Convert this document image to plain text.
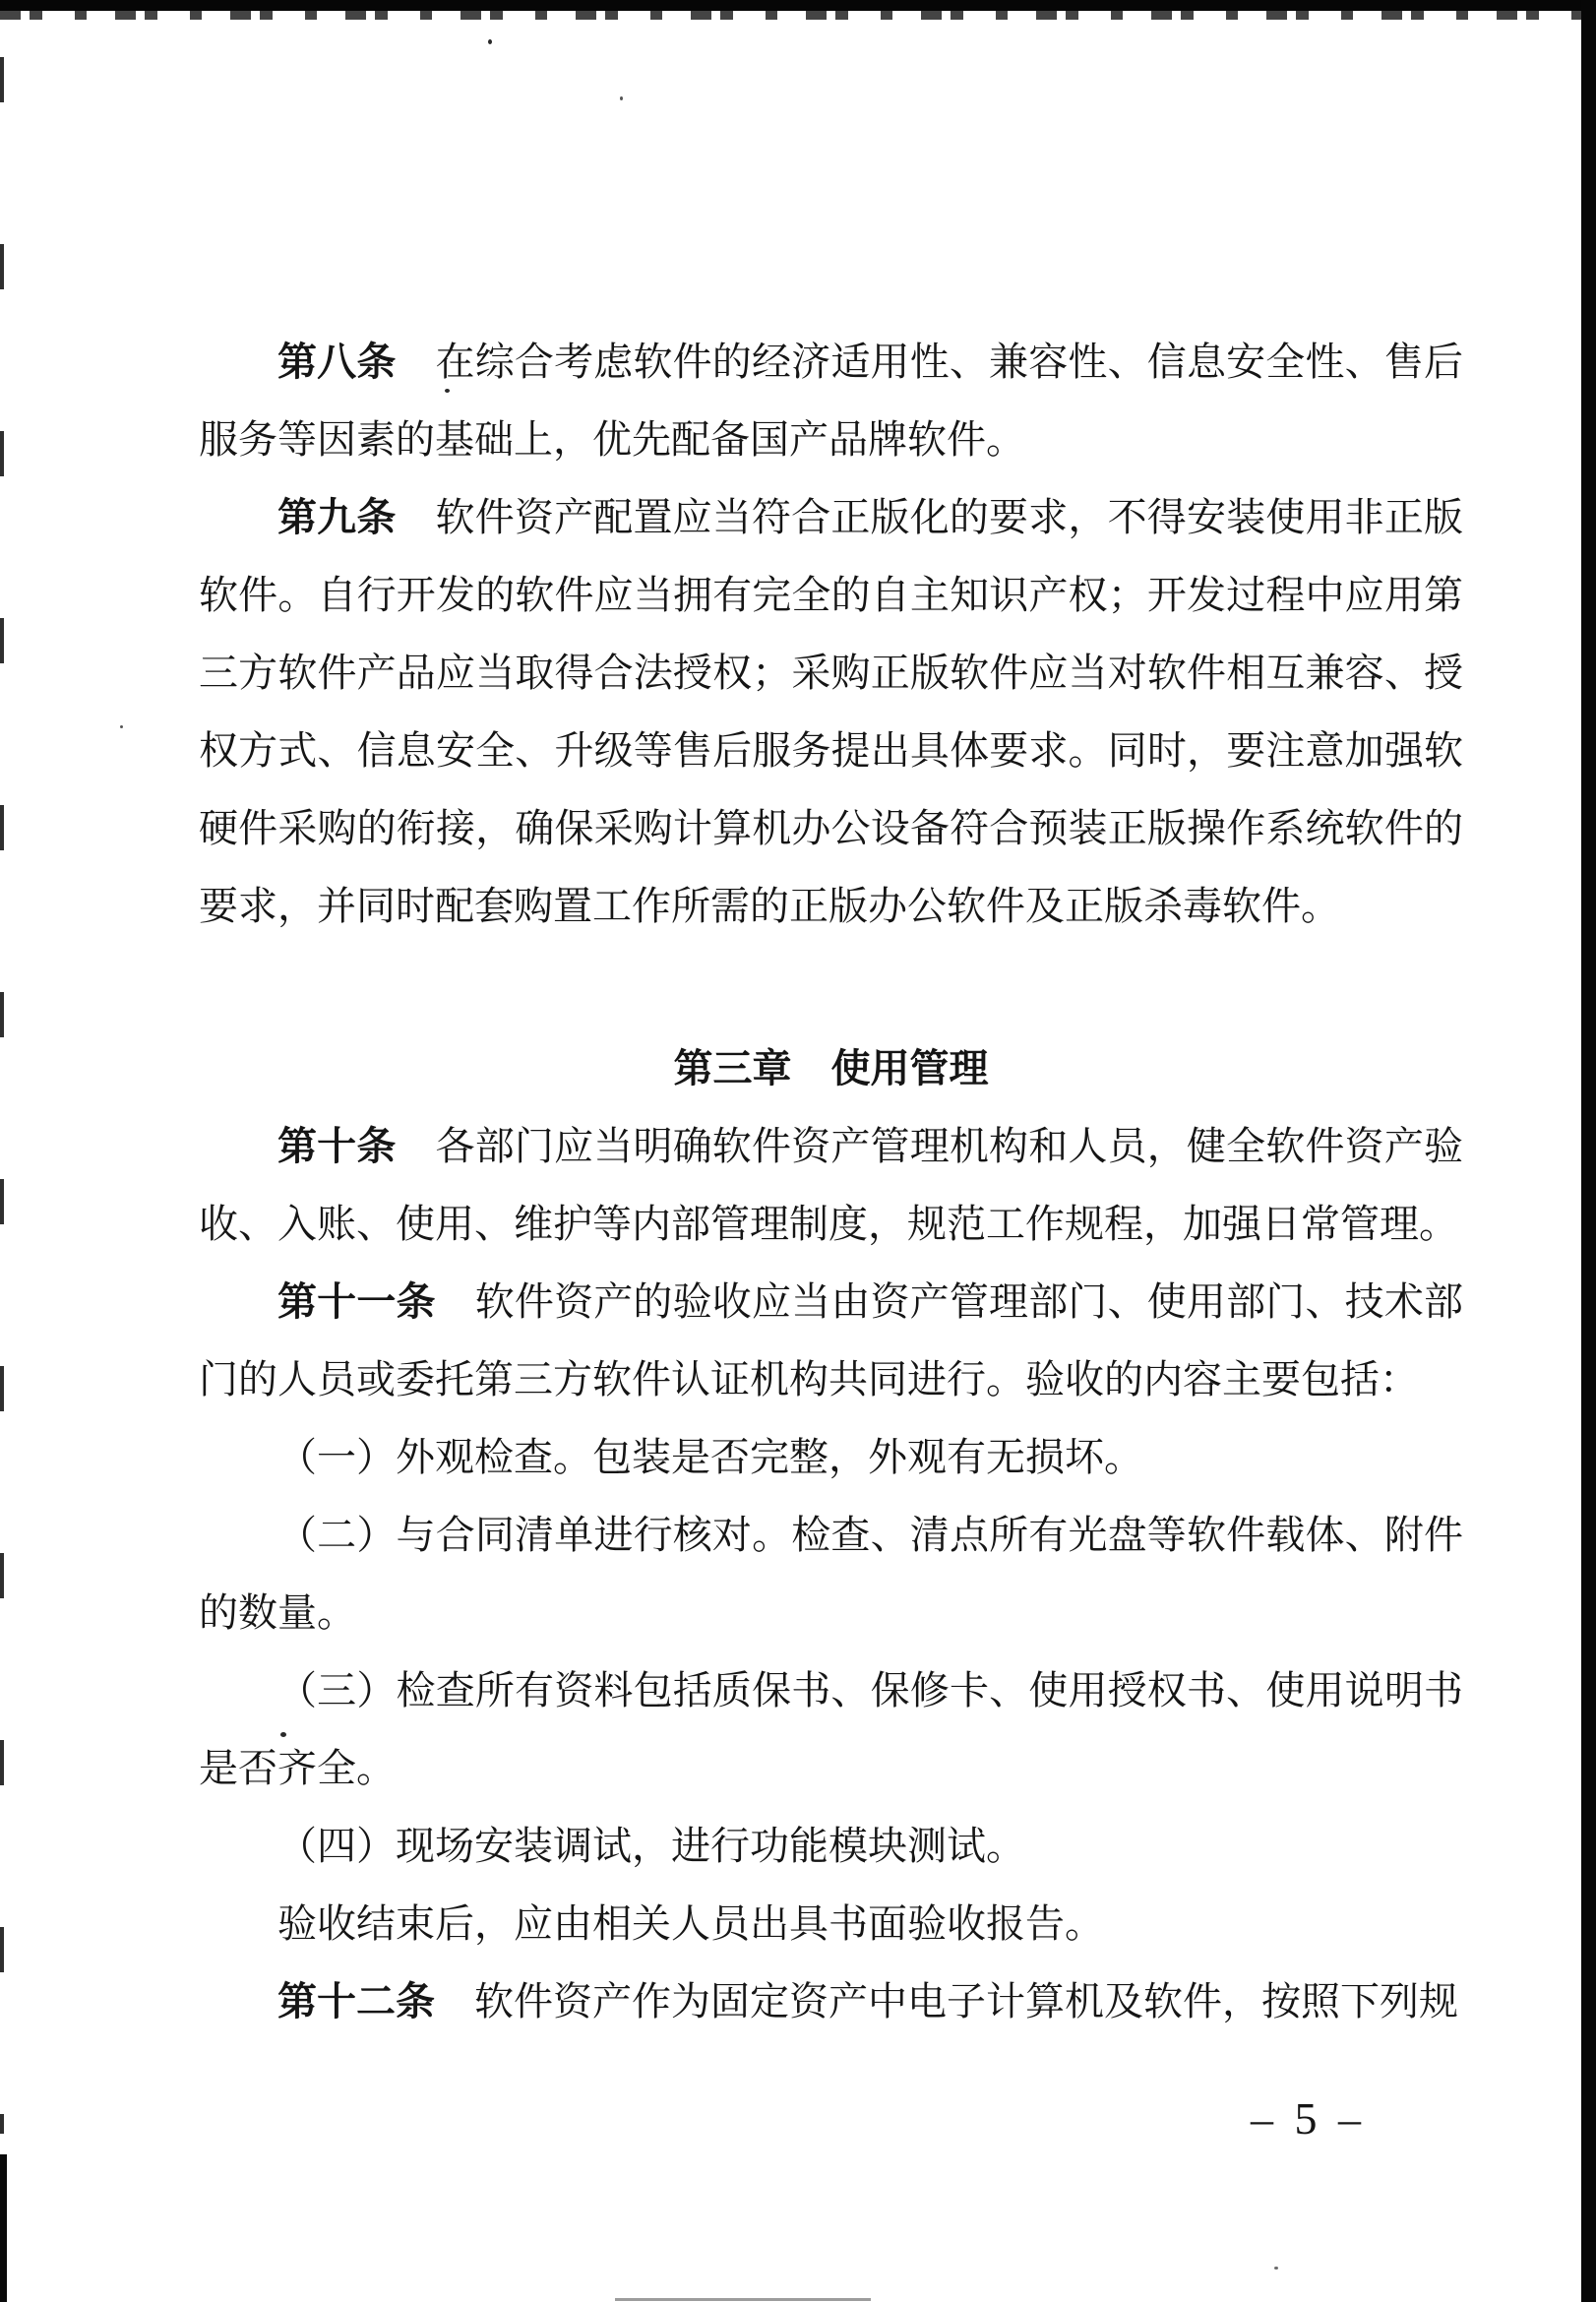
第八条 在综合考虑软件的经济适用性、兼容性、信息安全性、售后服务等因素的基础上，优先配备国产品牌软件。

第九条 软件资产配置应当符合正版化的要求，不得安装使用非正版软件。自行开发的软件应当拥有完全的自主知识产权；开发过程中应用第三方软件产品应当取得合法授权；采购正版软件应当对软件相互兼容、授权方式、信息安全、升级等售后服务提出具体要求。同时，要注意加强软硬件采购的衔接，确保采购计算机办公设备符合预装正版操作系统软件的要求，并同时配套购置工作所需的正版办公软件及正版杀毒软件。

第三章 使用管理

第十条 各部门应当明确软件资产管理机构和人员，健全软件资产验收、入账、使用、维护等内部管理制度，规范工作规程，加强日常管理。

第十一条 软件资产的验收应当由资产管理部门、使用部门、技术部门的人员或委托第三方软件认证机构共同进行。验收的内容主要包括：

（一）外观检查。包装是否完整，外观有无损坏。

（二）与合同清单进行核对。检查、清点所有光盘等软件载体、附件的数量。

（三）检查所有资料包括质保书、保修卡、使用授权书、使用说明书是否齐全。

（四）现场安装调试，进行功能模块测试。

验收结束后，应由相关人员出具书面验收报告。

第十二条 软件资产作为固定资产中电子计算机及软件，按照下列规

– 5 –
